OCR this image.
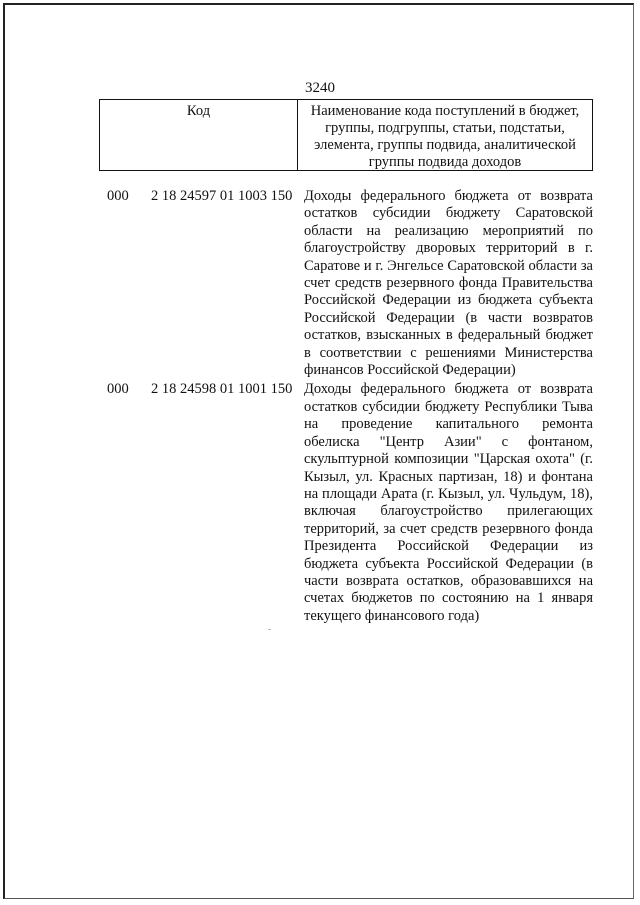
3240
Код	Наименование кода поступлений в бюджет, группы, подгруппы, статьи, подстатьи, элемента, группы подвида, аналитической группы подвида доходов
000	2 18 24597 01 1003 150 Доходы федерального бюджета от возврата остатков субсидии бюджету Саратовской области на реализацию мероприятий по благоустройству дворовых территорий в г. Саратове и г. Энгельсе Саратовской области за счет средств резервного фонда Правительства Российской Федерации из бюджета субъекта Российской Федерации (в части возвратов остатков, взысканных в федеральный бюджет в соответствии с решениями Министерства финансов Российской Федерации)
000	2 18 24598 01 1001 150 Доходы федерального бюджета от возврата остатков субсидии бюджету Республики Тыва на проведение капитального ремонта обелиска "Центр Азии" с фонтаном, скульптурной композиции "Царская охота" (г. Кызыл, ул. Красных партизан, 18) и фонтана на площади Арата (г. Кызыл, ул. Чульдум, 18), включая благоустройство прилегающих территорий, за счет средств резервного фонда Президента Российской Федерации из бюджета субъекта Российской Федерации (в части возврата остатков, образовавшихся на счетах бюджетов по состоянию на 1 января текущего финансового года)
